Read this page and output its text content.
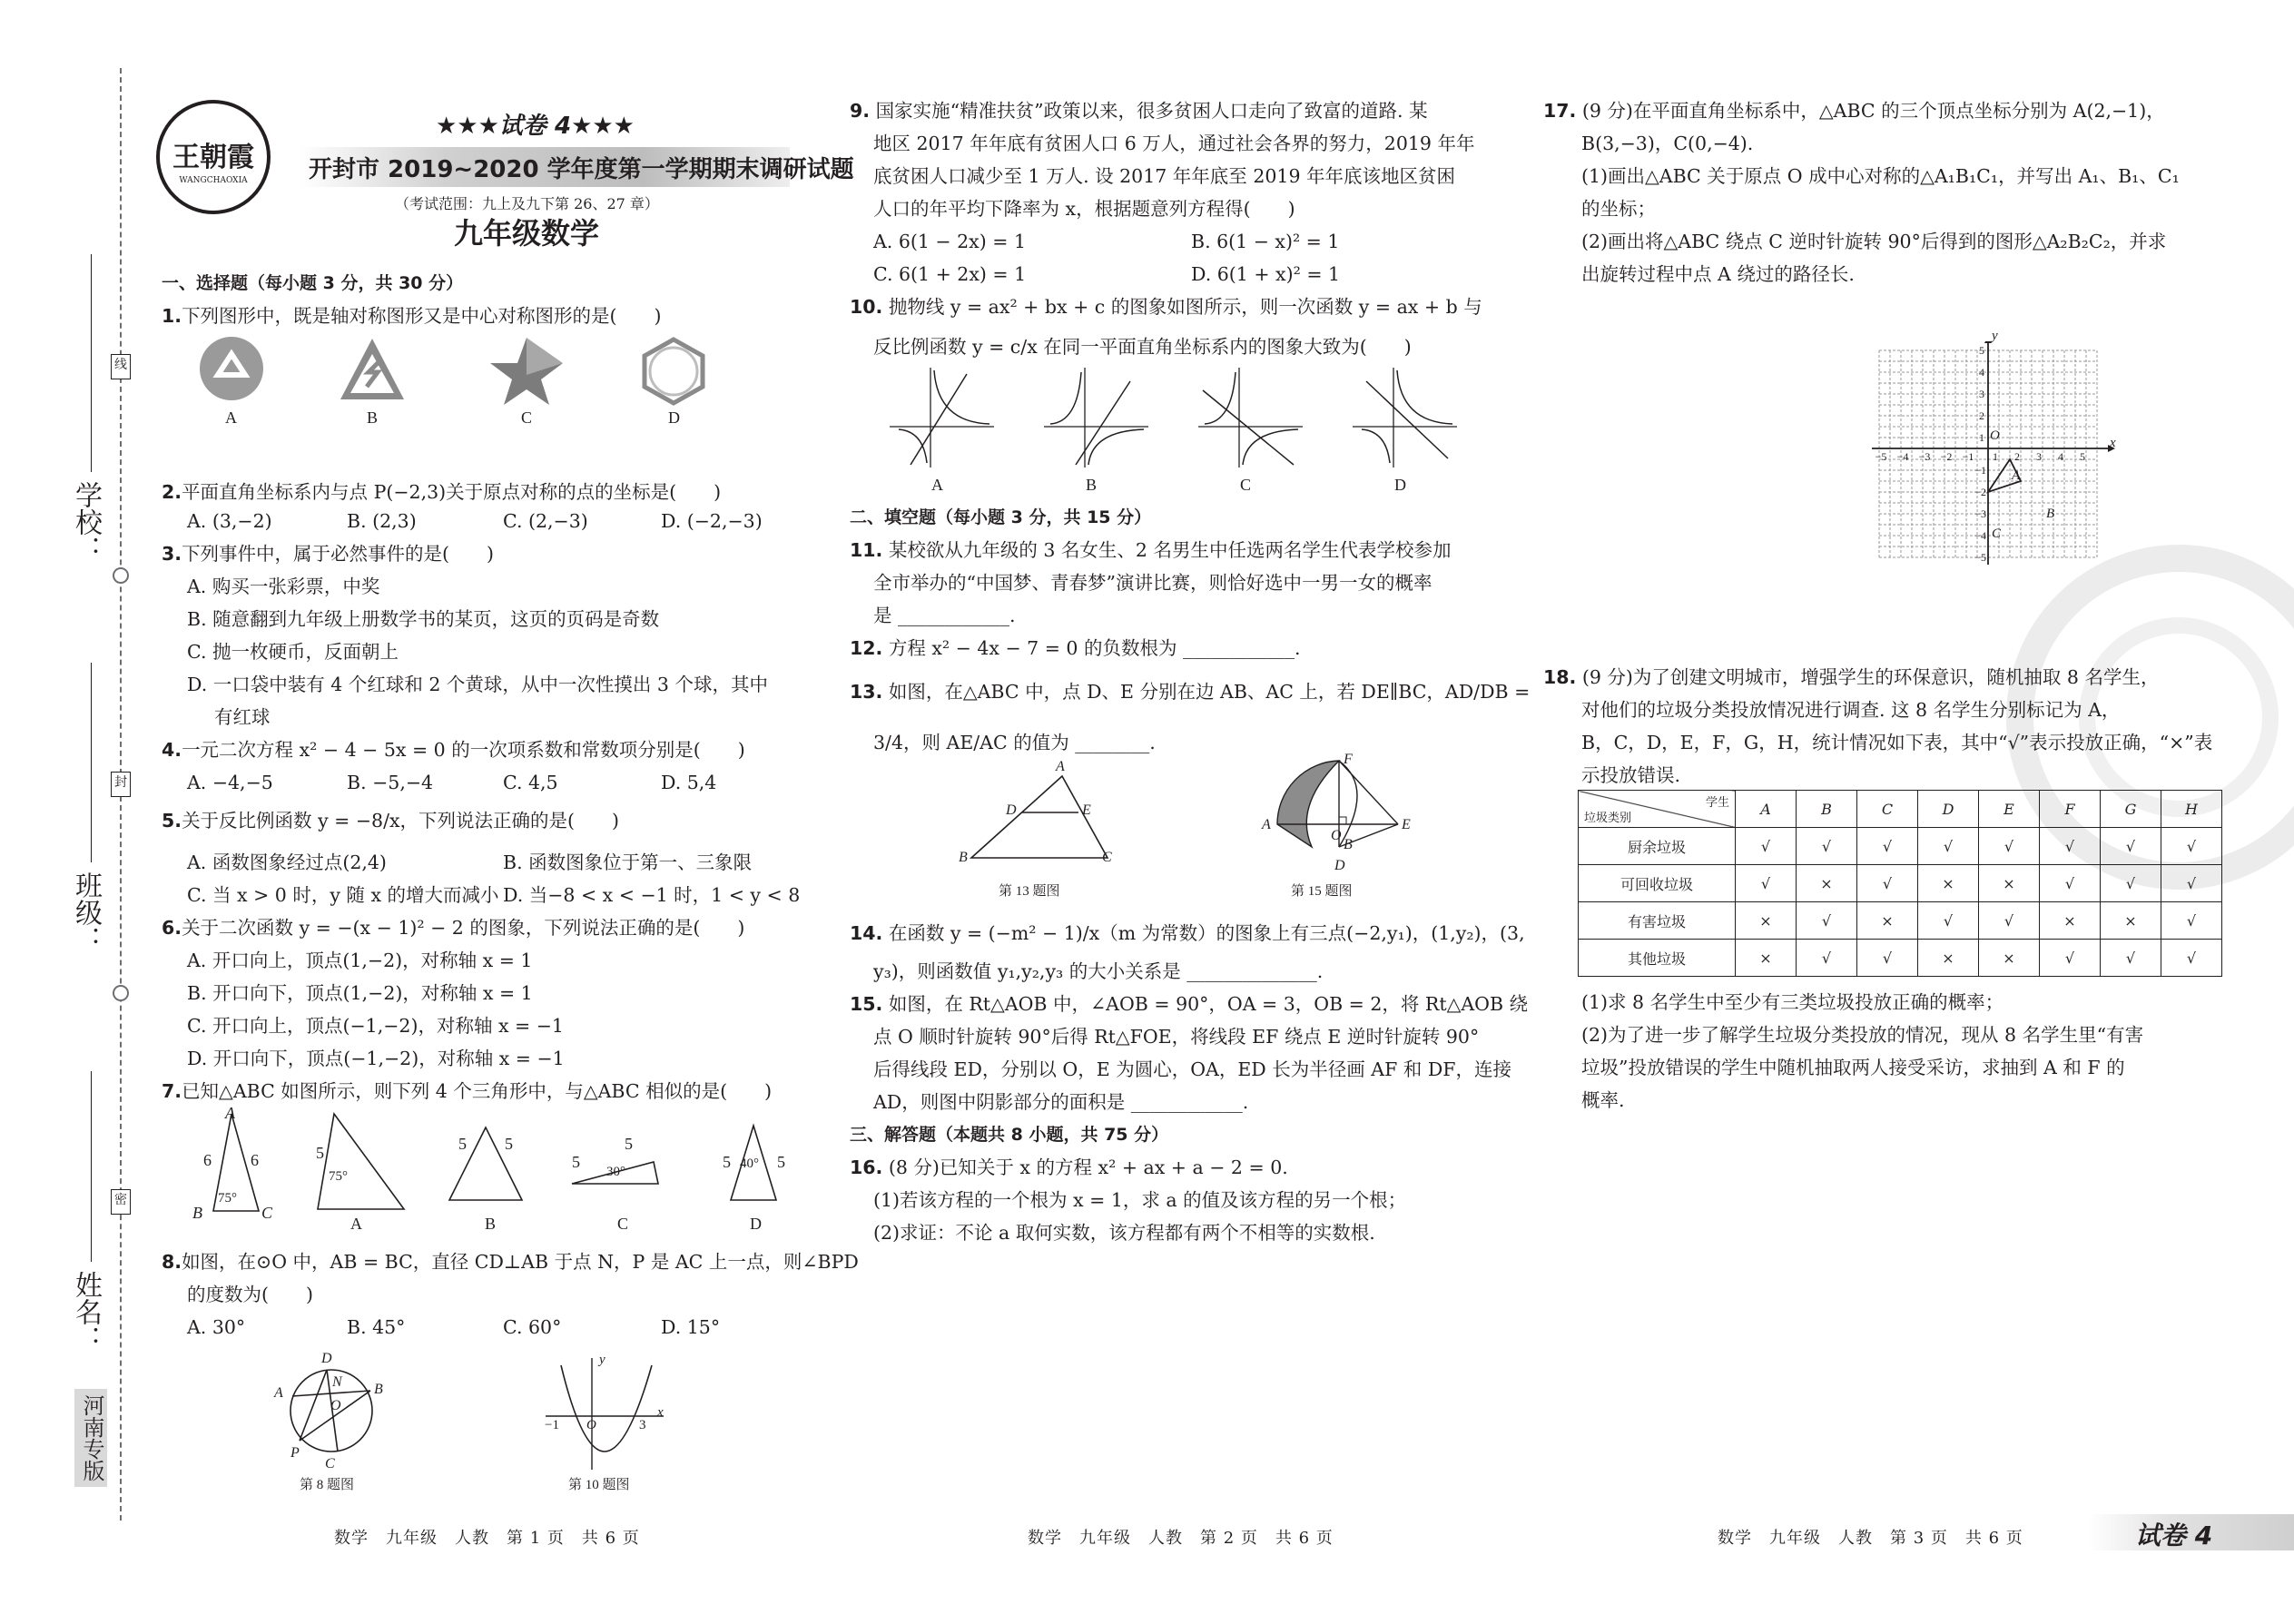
学校：
班级：
姓名：
线
封
密
河南专版
王朝霞
WANGCHAOXIA
★★★试卷 4★★★
开封市 2019~2020 学年度第一学期期末调研试题
（考试范围：九上及九下第 26、27 章）
九年级数学
一、选择题（每小题 3 分，共 30 分）
1.下列图形中，既是轴对称图形又是中心对称图形的是(　　)
A	B	C	D
2.平面直角坐标系内与点 P(−2,3)关于原点对称的点的坐标是(　　)
A. (3,−2)	B. (2,3)	C. (2,−3)	D. (−2,−3)
3.下列事件中，属于必然事件的是(　　)
A. 购买一张彩票，中奖
B. 随意翻到九年级上册数学书的某页，这页的页码是奇数
C. 抛一枚硬币，反面朝上
D. 一口袋中装有 4 个红球和 2 个黄球，从中一次性摸出 3 个球，其中
有红球
4.一元二次方程 x² − 4 − 5x = 0 的一次项系数和常数项分别是(　　)
A. −4,−5	B. −5,−4	C. 4,5	D. 5,4
5.关于反比例函数 y = −8/x，下列说法正确的是(　　)
A. 函数图象经过点(2,4)	B. 函数图象位于第一、三象限
C. 当 x > 0 时，y 随 x 的增大而减小 D. 当−8 < x < −1 时，1 < y < 8
6.关于二次函数 y = −(x − 1)² − 2 的图象，下列说法正确的是(　　)
A. 开口向上，顶点(1,−2)，对称轴 x = 1
B. 开口向下，顶点(1,−2)，对称轴 x = 1
C. 开口向上，顶点(−1,−2)，对称轴 x = −1
D. 开口向下，顶点(−1,−2)，对称轴 x = −1
7.已知△ABC 如图所示，则下列 4 个三角形中，与△ABC 相似的是(　　)
A
B	C
6 6
75°
5
75°
5 5
5
30°
5
5 40° 5
A	B	C	D
8.如图，在⊙O 中，AB = BC，直径 CD⊥AB 于点 N，P 是 AC 上一点，则∠BPD
的度数为(　　)
A. 30°	B. 45°	C. 60°	D. 15°
D
N
A	B
O
P
C
第 8 题图
x
y
−1 O	3
第 10 题图
数学　九年级　人教　第 1 页　共 6 页
9. 国家实施“精准扶贫”政策以来，很多贫困人口走向了致富的道路. 某
地区 2017 年年底有贫困人口 6 万人，通过社会各界的努力，2019 年年
底贫困人口减少至 1 万人. 设 2017 年年底至 2019 年年底该地区贫困
人口的年平均下降率为 x，根据题意列方程得(　　)
A. 6(1 − 2x) = 1	B. 6(1 − x)² = 1
C. 6(1 + 2x) = 1	D. 6(1 + x)² = 1
10. 抛物线 y = ax² + bx + c 的图象如图所示，则一次函数 y = ax + b 与
反比例函数 y = c/x 在同一平面直角坐标系内的图象大致为(　　)
A	B	C	D
二、填空题（每小题 3 分，共 15 分）
11. 某校欲从九年级的 3 名女生、2 名男生中任选两名学生代表学校参加
全市举办的“中国梦、青春梦”演讲比赛，则恰好选中一男一女的概率
是 ____________.
12. 方程 x² − 4x − 7 = 0 的负数根为 ____________.
13. 如图，在△ABC 中，点 D、E 分别在边 AB、AC 上，若 DE∥BC，AD/DB =
3/4，则 AE/AC 的值为 ________.
A
D	E
B	C
第 13 题图
F
A
O
E
B
D
第 15 题图
14. 在函数 y = (−m² − 1)/x（m 为常数）的图象上有三点(−2,y₁)，(1,y₂)，(3,
y₃)，则函数值 y₁,y₂,y₃ 的大小关系是 ______________.
15. 如图，在 Rt△AOB 中，∠AOB = 90°，OA = 3，OB = 2，将 Rt△AOB 绕
点 O 顺时针旋转 90°后得 Rt△FOE，将线段 EF 绕点 E 逆时针旋转 90°
后得线段 ED，分别以 O，E 为圆心，OA，ED 长为半径画 AF 和 DF，连接
AD，则图中阴影部分的面积是 ____________.
三、解答题（本题共 8 小题，共 75 分）
16. (8 分)已知关于 x 的方程 x² + ax + a − 2 = 0.
(1)若该方程的一个根为 x = 1，求 a 的值及该方程的另一个根；
(2)求证：不论 a 取何实数，该方程都有两个不相等的实数根.
数学　九年级　人教　第 2 页　共 6 页
17. (9 分)在平面直角坐标系中，△ABC 的三个顶点坐标分别为 A(2,−1)，
B(3,−3)，C(0,−4).
(1)画出△ABC 关于原点 O 成中心对称的△A₁B₁C₁，并写出 A₁、B₁、C₁
的坐标；
(2)画出将△ABC 绕点 C 逆时针旋转 90°后得到的图形△A₂B₂C₂，并求
出旋转过程中点 A 绕过的路径长.
y
x
O
5
4
3
2
1
−1
−2
−3
−4
−5
−5 −4 −3 −2 −1	1	2	3	4	5
A
B
C
18. (9 分)为了创建文明城市，增强学生的环保意识，随机抽取 8 名学生，
对他们的垃圾分类投放情况进行调查. 这 8 名学生分别标记为 A，
B，C，D，E，F，G，H，统计情况如下表，其中“√”表示投放正确，“×”表
示投放错误.
学生
垃圾类别	A	B	C	D	E	F	G	H
厨余垃圾	√	√	√	√	√	√	√	√
可回收垃圾	√	×	√	×	×	√	√	√
有害垃圾	×	√	×	√	√	×	×	√
其他垃圾	×	√	√	×	×	√	√	√
(1)求 8 名学生中至少有三类垃圾投放正确的概率；
(2)为了进一步了解学生垃圾分类投放的情况，现从 8 名学生里“有害
垃圾”投放错误的学生中随机抽取两人接受采访，求抽到 A 和 F 的
概率.
数学　九年级　人教　第 3 页　共 6 页	试卷 4
